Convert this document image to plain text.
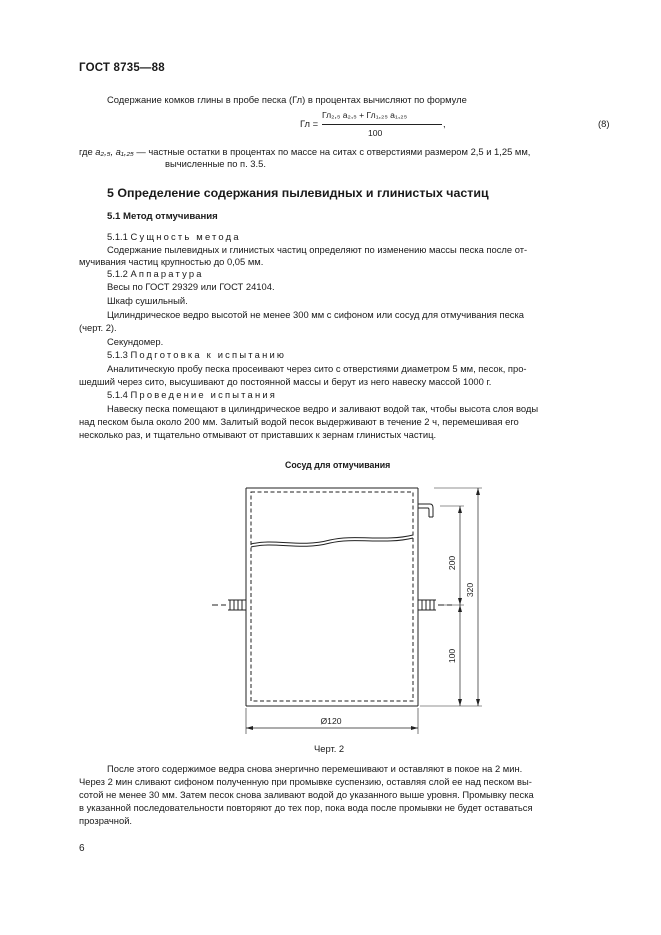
ГОСТ 8735—88
Содержание комков глины в пробе песка (Гл) в процентах вычисляют по формуле
Гл =
Гл₂,₅ a₂,₅ + Гл₁,₂₅ a₁,₂₅
100
,	(8)
где a₂,₅, a₁,₂₅ — частные остатки в процентах по массе на ситах с отверстиями размером 2,5 и 1,25 мм,
вычисленные по п. 3.5.
5 Определение содержания пылевидных и глинистых частиц
5.1 Метод отмучивания
5.1.1 Сущность метода
Содержание пылевидных и глинистых частиц определяют по изменению массы песка после от-
мучивания частиц крупностью до 0,05 мм.
5.1.2 Аппаратура
Весы по ГОСТ 29329 или ГОСТ 24104.
Шкаф сушильный.
Цилиндрическое ведро высотой не менее 300 мм с сифоном или сосуд для отмучивания песка
(черт. 2).
Секундомер.
5.1.3 Подготовка к испытанию
Аналитическую пробу песка просеивают через сито с отверстиями диаметром 5 мм, песок, про-
шедший через сито, высушивают до постоянной массы и берут из него навеску массой 1000 г.
5.1.4 Проведение испытания
Навеску песка помещают в цилиндрическое ведро и заливают водой так, чтобы высота слоя воды
над песком была около 200 мм. Залитый водой песок выдерживают в течение 2 ч, перемешивая его
несколько раз, и тщательно отмывают от приставших к зернам глинистых частиц.
Сосуд для отмучивания
200
100
320
Ø120
Черт. 2
После этого содержимое ведра снова энергично перемешивают и оставляют в покое на 2 мин.
Через 2 мин сливают сифоном полученную при промывке суспензию, оставляя слой ее над песком вы-
сотой не менее 30 мм. Затем песок снова заливают водой до указанного выше уровня. Промывку песка
в указанной последовательности повторяют до тех пор, пока вода после промывки не будет оставаться
прозрачной.
6
